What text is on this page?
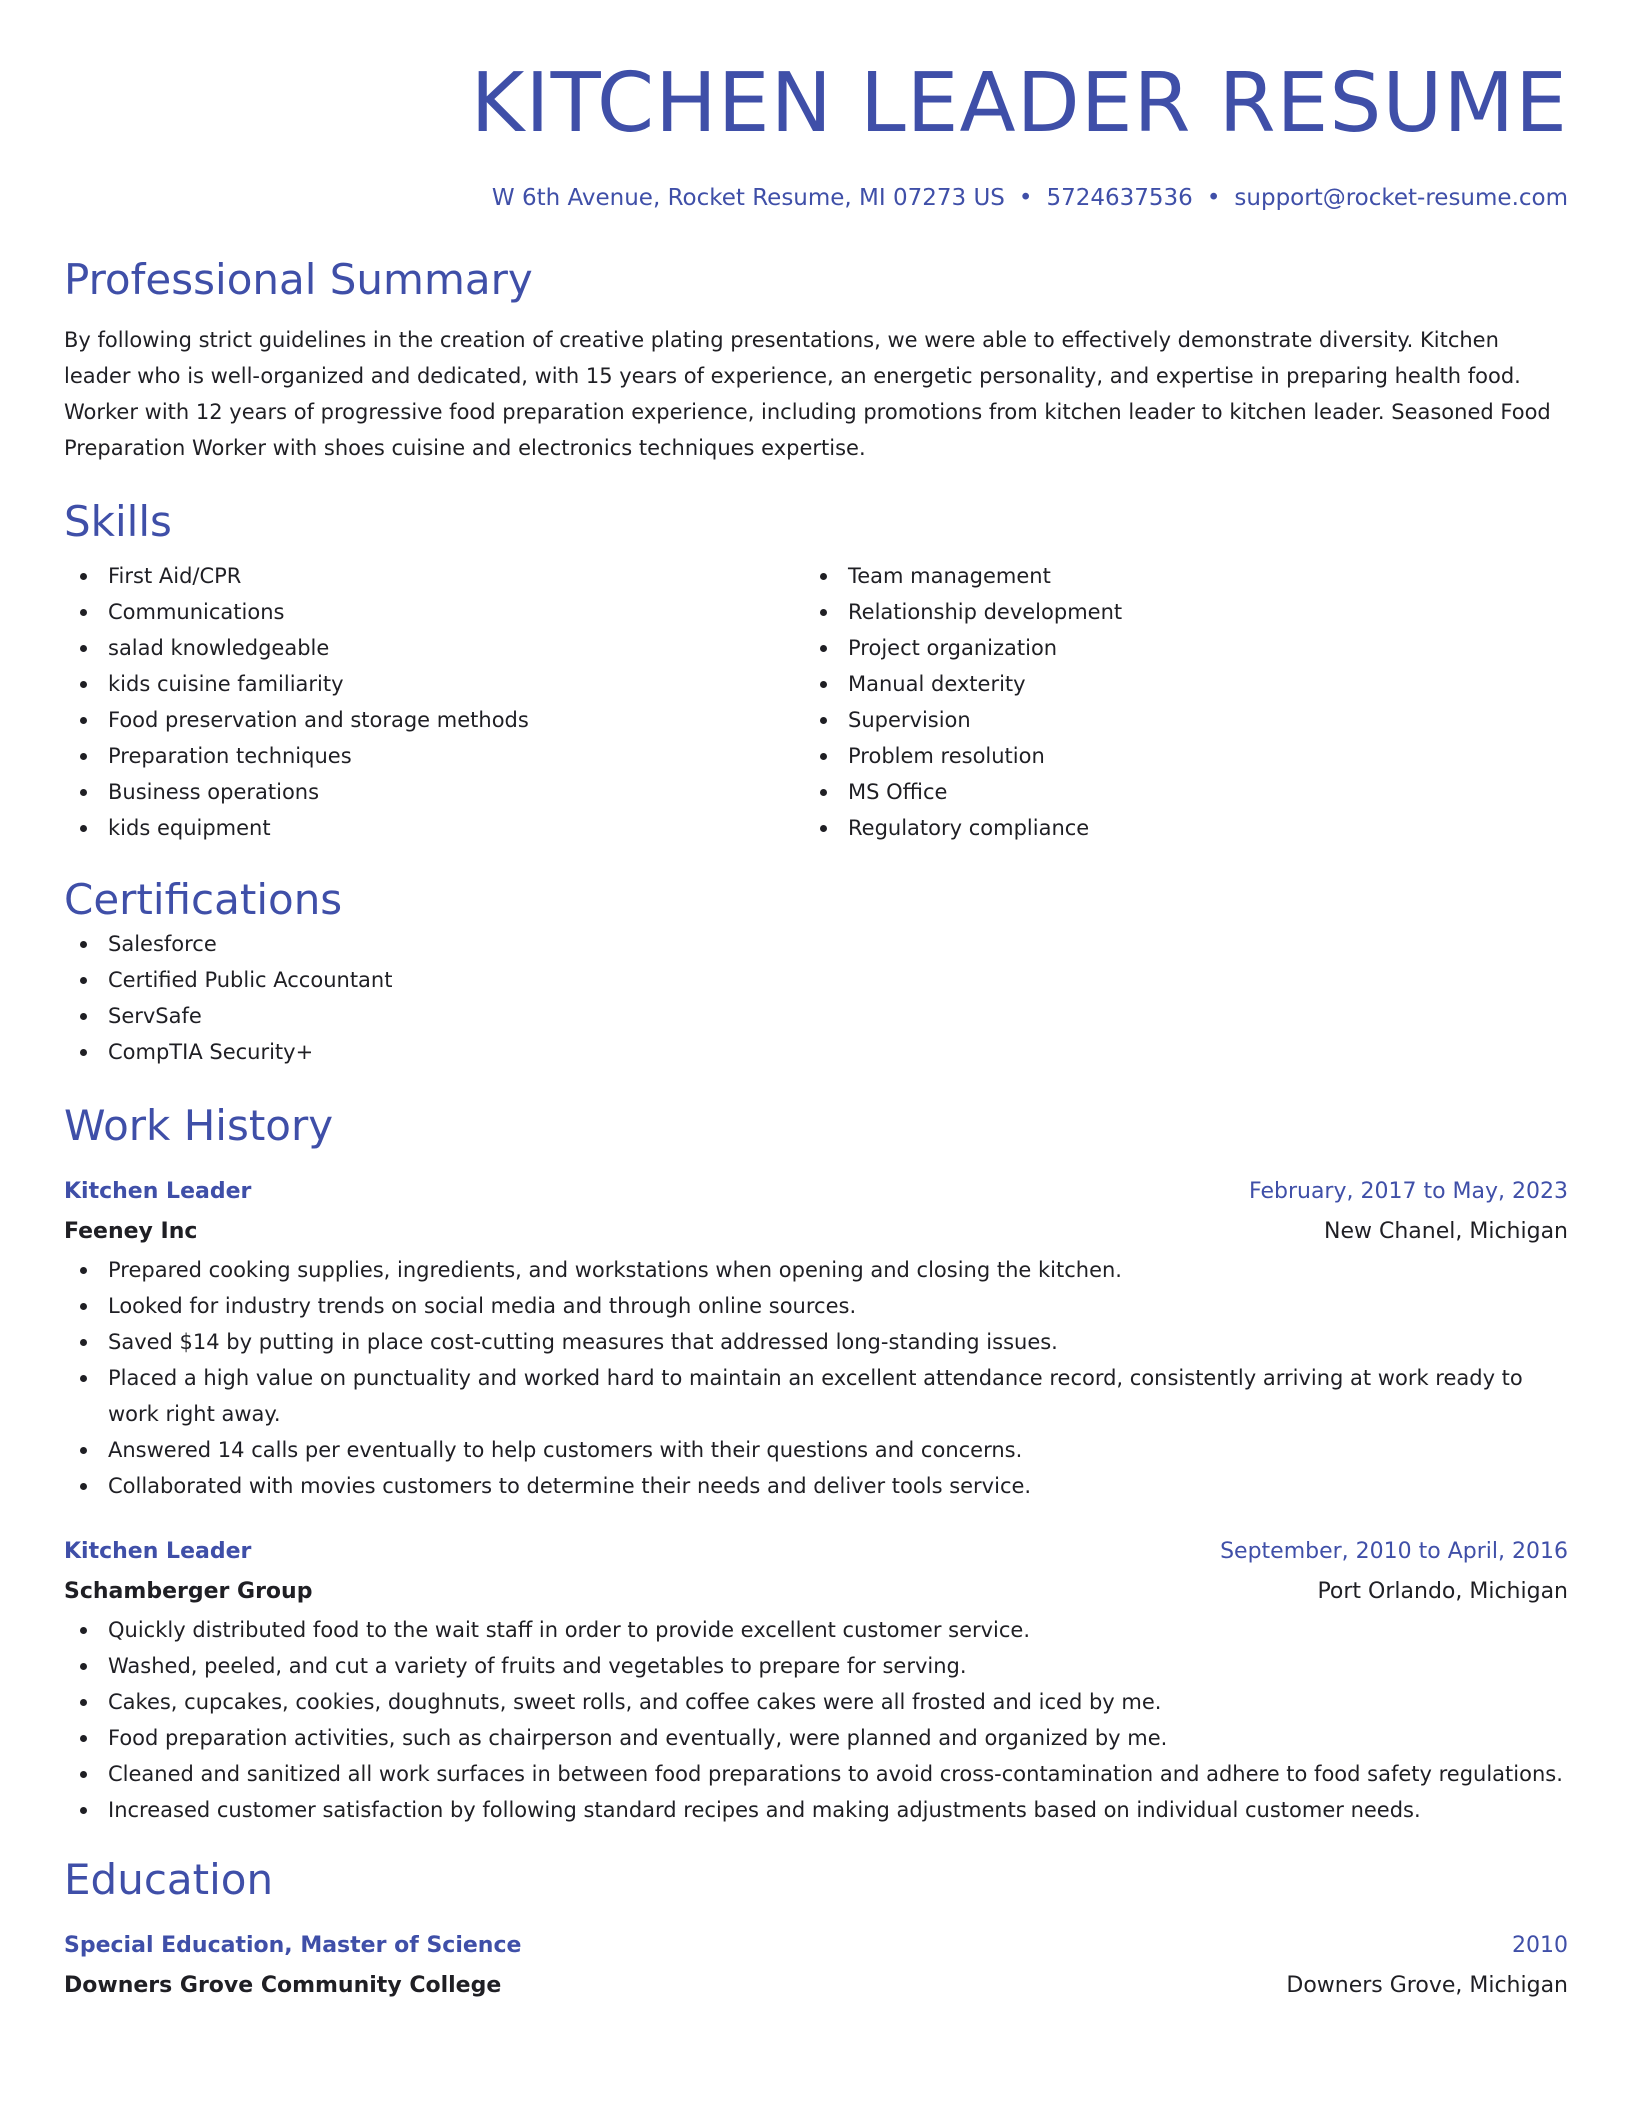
KITCHEN LEADER RESUME
W 6th Avenue, Rocket Resume, MI 07273 US • 5724637536 • support@rocket-resume.com
Professional Summary
By following strict guidelines in the creation of creative plating presentations, we were able to effectively demonstrate diversity. Kitchen leader who is well-organized and dedicated, with 15 years of experience, an energetic personality, and expertise in preparing health food. Worker with 12 years of progressive food preparation experience, including promotions from kitchen leader to kitchen leader. Seasoned Food Preparation Worker with shoes cuisine and electronics techniques expertise.
Skills
First Aid/CPR
Communications
salad knowledgeable
kids cuisine familiarity
Food preservation and storage methods
Preparation techniques
Business operations
kids equipment
Team management
Relationship development
Project organization
Manual dexterity
Supervision
Problem resolution
MS Office
Regulatory compliance
Certifications
Salesforce
Certified Public Accountant
ServSafe
CompTIA Security+
Work History
Kitchen Leader	February, 2017 to May, 2023
Feeney Inc	New Chanel, Michigan
Prepared cooking supplies, ingredients, and workstations when opening and closing the kitchen.
Looked for industry trends on social media and through online sources.
Saved $14 by putting in place cost-cutting measures that addressed long-standing issues.
Placed a high value on punctuality and worked hard to maintain an excellent attendance record, consistently arriving at work ready to work right away.
Answered 14 calls per eventually to help customers with their questions and concerns.
Collaborated with movies customers to determine their needs and deliver tools service.
Kitchen Leader	September, 2010 to April, 2016
Schamberger Group	Port Orlando, Michigan
Quickly distributed food to the wait staff in order to provide excellent customer service.
Washed, peeled, and cut a variety of fruits and vegetables to prepare for serving.
Cakes, cupcakes, cookies, doughnuts, sweet rolls, and coffee cakes were all frosted and iced by me.
Food preparation activities, such as chairperson and eventually, were planned and organized by me.
Cleaned and sanitized all work surfaces in between food preparations to avoid cross-contamination and adhere to food safety regulations.
Increased customer satisfaction by following standard recipes and making adjustments based on individual customer needs.
Education
Special Education, Master of Science	2010
Downers Grove Community College	Downers Grove, Michigan
